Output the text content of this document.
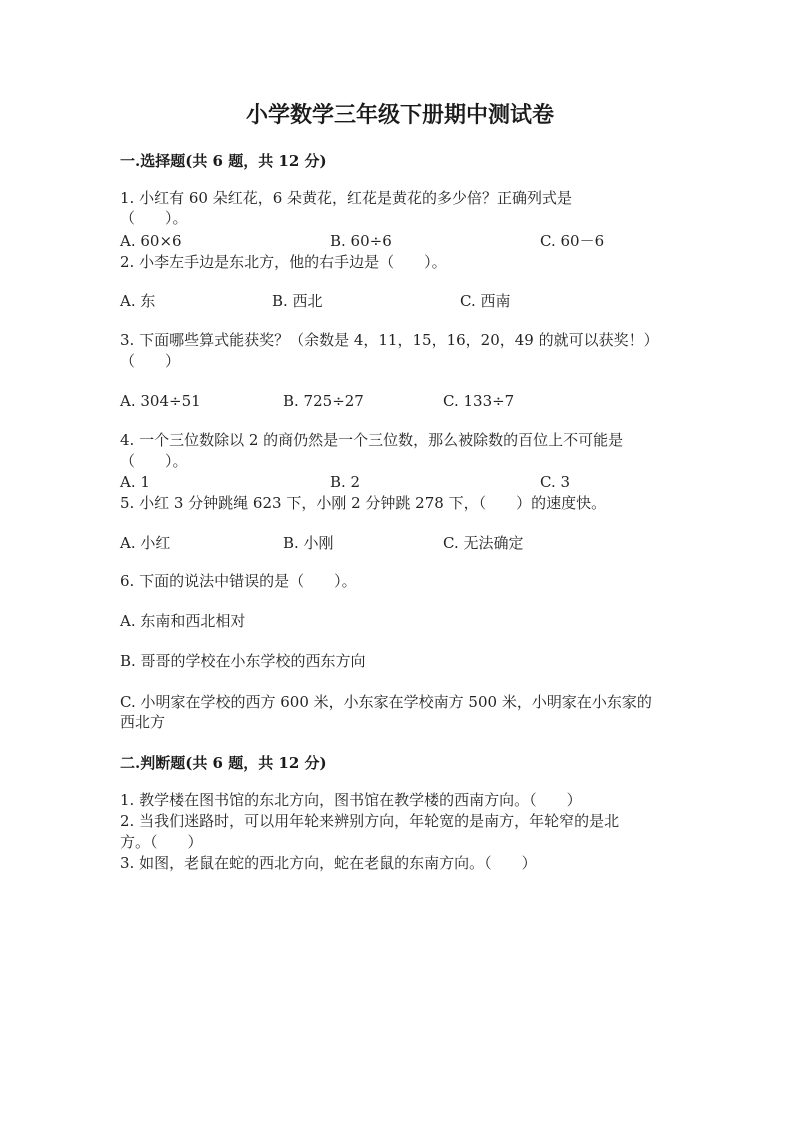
小学数学三年级下册期中测试卷
一.选择题(共 6 题，共 12 分)
1. 小红有 60 朵红花，6 朵黄花，红花是黄花的多少倍？正确列式是
（　　）。
A. 60×6	B. 60÷6	C. 60－6
2. 小李左手边是东北方，他的右手边是（　　）。
A. 东	B. 西北	C. 西南
3. 下面哪些算式能获奖？（余数是 4，11，15，16，20，49 的就可以获奖！）
（　　）
A. 304÷51	B. 725÷27	C. 133÷7
4. 一个三位数除以 2 的商仍然是一个三位数，那么被除数的百位上不可能是
（　　）。
A. 1	B. 2	C. 3
5. 小红 3 分钟跳绳 623 下，小刚 2 分钟跳 278 下，（　　）的速度快。
A. 小红	B. 小刚	C. 无法确定
6. 下面的说法中错误的是（　　）。
A. 东南和西北相对
B. 哥哥的学校在小东学校的西东方向
C. 小明家在学校的西方 600 米，小东家在学校南方 500 米，小明家在小东家的
西北方
二.判断题(共 6 题，共 12 分)
1. 教学楼在图书馆的东北方向，图书馆在教学楼的西南方向。（　　）
2. 当我们迷路时，可以用年轮来辨别方向，年轮宽的是南方，年轮窄的是北
方。（　　）
3. 如图，老鼠在蛇的西北方向，蛇在老鼠的东南方向。（　　）
